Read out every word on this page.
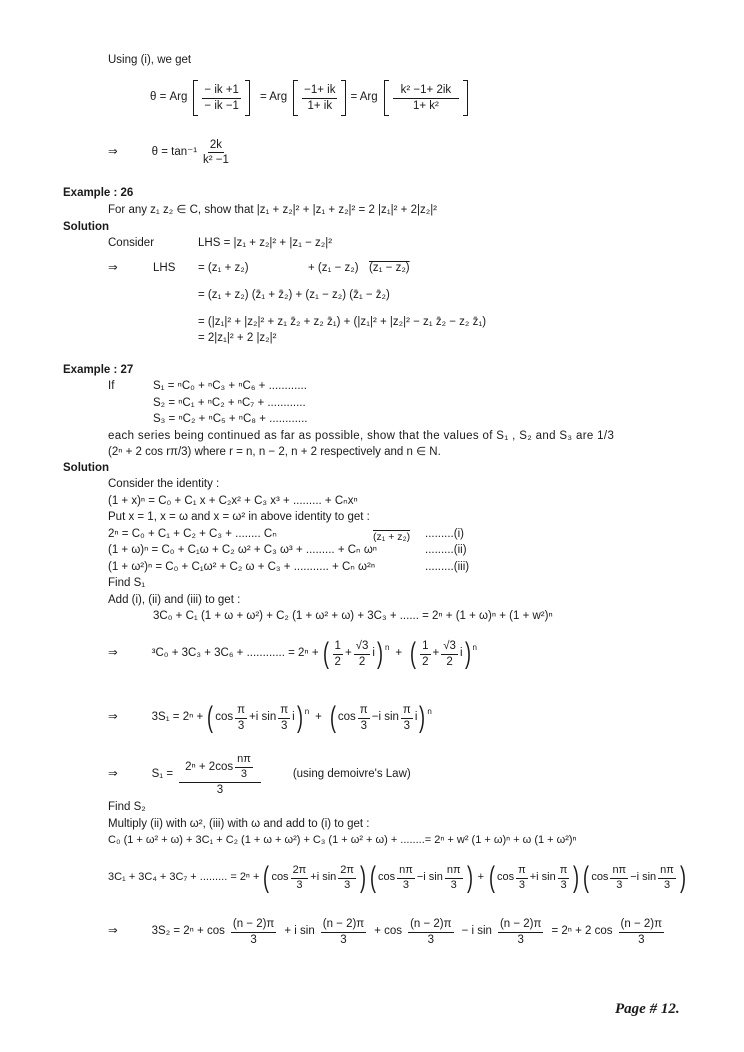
Using (i), we get
θ = Arg $\frac{- ik +1}{- ik -1}$ = Arg $\frac{-1+ ik}{1+ ik}$ = Arg $\frac{\text{k² −1+ 2ik}}{\text{1+ k²}}$
⇒	$\theta = \tan^{-1} \frac{2k}{\text{k² −1}}$
Example : 26
For any z₁ z₂ ∈ C, show that |z₁ + z₂|² + |z₁ + z₂|² = 2 |z₁|² + 2|z₂|²
Solution
Consider	LHS = |z₁ + z₂|² + |z₁ − z₂|²
⇒	LHS = (z₁ + z₂)	+ (z₁ − z₂) (z₁ − z₂)
= (z₁ + z₂) (z̄₁ + z̄₂) + (z₁ − z₂) (z̄₁ − z̄₂)
= (|z₁|² + |z₂|² + z₁ z̄₂ + z₂ z̄₁) + (|z₁|² + |z₂|² − z₁ z̄₂ − z₂ z̄₁)
= 2|z₁|² + 2 |z₂|²
Example : 27
If	S₁ = ⁿC₀ + ⁿC₃ + ⁿC₆ + ............
S₂ = ⁿC₁ + ⁿC₂ + ⁿC₇ + ............
S₃ = ⁿC₂ + ⁿC₅ + ⁿC₈ + ............
each series being continued as far as possible, show that the values of S₁ , S₂ and S₃ are 1/3
(2ⁿ + 2 cos rπ/3) where r = n, n − 2, n + 2 respectively and n ∈ N.
Solution
Consider the identity :
(1 + x)ⁿ = C₀ + C₁ x + C₂x² + C₃ x³ + ......... + Cₙxⁿ
Put x = 1, x = ω and x = ω² in above identity to get :
2ⁿ = C₀ + C₁ + C₂ + C₃ + ........ Cₙ	(z₁ + z₂) .........(i)
(1 + ω)ⁿ = C₀ + C₁ω + C₂ ω² + C₃ ω³ + ......... + Cₙ ωⁿ	.........(ii)
(1 + ω²)ⁿ = C₀ + C₁ω² + C₂ ω + C₃ + ........... + Cₙ ω²ⁿ	.........(iii)
Find S₁
Add (i), (ii) and (iii) to get :
3C₀ + C₁ (1 + ω + ω²) + C₂ (1 + ω² + ω) + 3C₃ + ...... = 2ⁿ + (1 + ω)ⁿ + (1 + w²)ⁿ
⇒	³C₀ + 3C₃ + 3C₆ + ............ = 2ⁿ + ( $\frac{1}{2} + \frac{√3}{2}$ i ) n + ( $\frac{1}{2} + \frac{√3}{2}$ i ) n
⇒	3S₁ = 2ⁿ + ( $\cos \frac{\pi}{3} + i$ $\sin \frac{\pi}{3}$ i ) n + ( $\cos \frac{\pi}{3} - i$ $\sin \frac{\pi}{3}$ i ) n
⇒	$S_1 = \frac{2^n + 2\cos \frac{n\pi}{3}}{3}$	(using demoivre's Law)
Find S₂
Multiply (ii) with ω², (iii) with ω and add to (i) to get :
C₀ (1 + ω² + ω) + 3C₁ + C₂ (1 + ω + ω²) + C₃ (1 + ω² + ω) + ........= 2ⁿ + w² (1 + ω)ⁿ + ω (1 + ω²)ⁿ
3C₁ + 3C₄ + 3C₇ + ......... = 2ⁿ + ( $\cos \frac{2\pi}{3} + i$ $\sin \frac{2\pi}{3}$ ) ( $\cos \frac{n\pi}{3} - i$ $\sin \frac{n\pi}{3}$ ) + ( $\cos \frac{\pi}{3} + i$ $\sin \frac{\pi}{3}$ ) ( $\cos \frac{n\pi}{3} - i$ $\sin \frac{n\pi}{3}$ )
⇒	$3S_2 = 2^n + \cos \frac{(n - 2)\pi}{3} + i$ $\sin \frac{(n - 2)\pi}{3} + \cos \frac{(n - 2)\pi}{3} - i$ $\sin \frac{(n - 2)\pi}{3} = 2^n + 2$ $\cos \frac{(n - 2)\pi}{3}$
Page # 12.
